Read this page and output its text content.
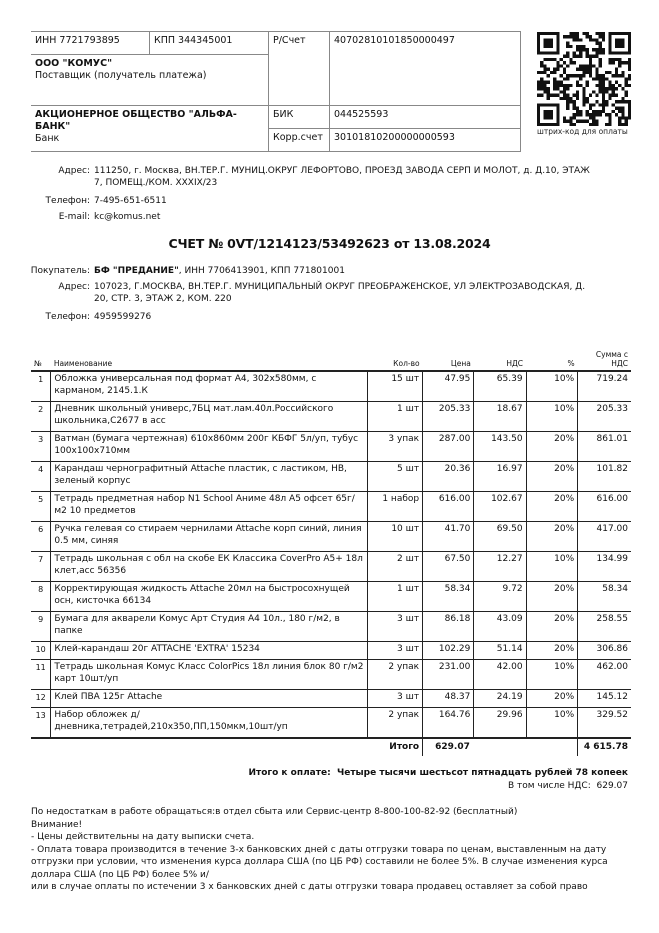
ИНН 7721793895	КПП 344345001	Р/Счет	40702810101850000497
ООО "КОМУС"
Поставщик (получатель платежа)			
АКЦИОНЕРНОЕ ОБЩЕСТВО "АЛЬФА-БАНК"
Банк		БИК	044525593
		Корр.счет	30101810200000000593
штрих-код для оплаты
Адрес: 111250, г. Москва, ВН.ТЕР.Г. МУНИЦ.ОКРУГ ЛЕФОРТОВО, ПРОЕЗД ЗАВОДА СЕРП И МОЛОТ, д. Д.10, ЭТАЖ
7, ПОМЕЩ./КОМ. XXXIX/23
Телефон: 7-495-651-6511
E-mail: kc@komus.net
СЧЕТ № 0VT/1214123/53492623 от 13.08.2024
Покупатель: БФ "ПРЕДАНИЕ", ИНН 7706413901, КПП 771801001
Адрес: 107023, Г.МОСКВА, ВН.ТЕР.Г. МУНИЦИПАЛЬНЫЙ ОКРУГ ПРЕОБРАЖЕНСКОЕ, УЛ ЭЛЕКТРОЗАВОДСКАЯ, Д.
20, СТР. 3, ЭТАЖ 2, КОМ. 220
Телефон: 4959599276
№	Наименование	Кол-во	Цена	НДС	%	Сумма с
НДС
1	Обложка универсальная под формат А4, 302х580мм, с карманом, 2145.1.К	15 шт	47.95	65.39	10%	719.24
2	Дневник школьный универс,7БЦ мат.лам.40л.Российского школьника,С2677 в асс	1 шт	205.33	18.67	10%	205.33
3	Ватман (бумага чертежная) 610х860мм 200г КБФГ 5л/уп, тубус 100х100х710мм	3 упак	287.00	143.50	20%	861.01
4	Карандаш чернографитный Attache пластик, с ластиком, HB, зеленый корпус	5 шт	20.36	16.97	20%	101.82
5	Тетрадь предметная набор N1 School Аниме 48л А5 офсет 65г/м2 10 предметов	1 набор	616.00	102.67	20%	616.00
6	Ручка гелевая со стираем чернилами Attache корп синий, линия 0.5 мм, синяя	10 шт	41.70	69.50	20%	417.00
7	Тетрадь школьная с обл на скобе ЕК Классика CoverPro А5+ 18л клет,асс 56356	2 шт	67.50	12.27	10%	134.99
8	Корректирующая жидкость Attache 20мл на быстросохнущей осн, кисточка 66134	1 шт	58.34	9.72	20%	58.34
9	Бумага для акварели Комус Арт Студия А4 10л., 180 г/м2, в папке	3 шт	86.18	43.09	20%	258.55
10	Клей-карандаш 20г ATTACHE 'EXTRA' 15234	3 шт	102.29	51.14	20%	306.86
11	Тетрадь школьная Комус Класс ColorPics 18л линия блок 80 г/м2 карт 10шт/уп	2 упак	231.00	42.00	10%	462.00
12	Клей ПВА 125г Attache	3 шт	48.37	24.19	20%	145.12
13	Набор обложек д/ дневника,тетрадей,210х350,ПП,150мкм,10шт/уп	2 упак	164.76	29.96	10%	329.52
Итого			629.07			4 615.78
Итого к оплате: Четыре тысячи шестьсот пятнадцать рублей 78 копеек
В том числе НДС: 629.07
По недостаткам в работе обращаться:в отдел сбыта или Сервис-центр 8-800-100-82-92 (бесплатный)
Внимание!
- Цены действительны на дату выписки счета.
- Оплата товара производится в течение 3-х банковских дней с даты отгрузки товара по ценам, выставленным на дату отгрузки при условии, что изменения курса доллара США (по ЦБ РФ) составили не более 5%. В случае изменения курса доллара США (по ЦБ РФ) более 5% и/
или в случае оплаты по истечении 3 х банковских дней с даты отгрузки товара продавец оставляет за собой право
